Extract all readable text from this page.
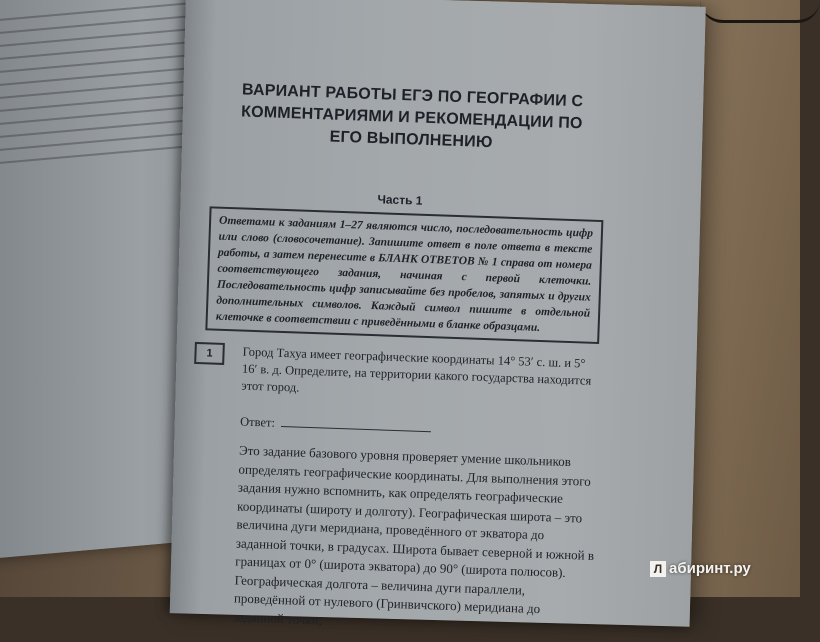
ВАРИАНТ РАБОТЫ ЕГЭ ПО ГЕОГРАФИИ С КОММЕНТАРИЯМИ И РЕКОМЕНДАЦИИ ПО ЕГО ВЫПОЛНЕНИЮ
Часть 1
Ответами к заданиям 1–27 являются число, последовательность цифр или слово (словосочетание). Запишите ответ в поле ответа в тексте работы, а затем перенесите в БЛАНК ОТВЕТОВ № 1 справа от номера соответствующего задания, начиная с первой клеточки. Последовательность цифр записывайте без пробелов, запятых и других дополнительных символов. Каждый символ пишите в отдельной клеточке в соответствии с приведёнными в бланке образцами.
1	Город Тахуа имеет географические координаты 14° 53′ с. ш. и 5° 16′ в. д. Определите, на территории какого государства находится этот город.
Ответ:
Это задание базового уровня проверяет умение школьников определять географические координаты. Для выполнения этого задания нужно вспомнить, как определять географические координаты (широту и долготу). Географическая широта – это величина дуги меридиана, проведённого от экватора до заданной точки, в градусах. Широта бывает северной и южной в границах от 0° (широта экватора) до 90° (широта полюсов). Географическая долгота – величина дуги параллели, проведённой от нулевого (Гринвичского) меридиана до заданной точки,
Л абиринт.ру
